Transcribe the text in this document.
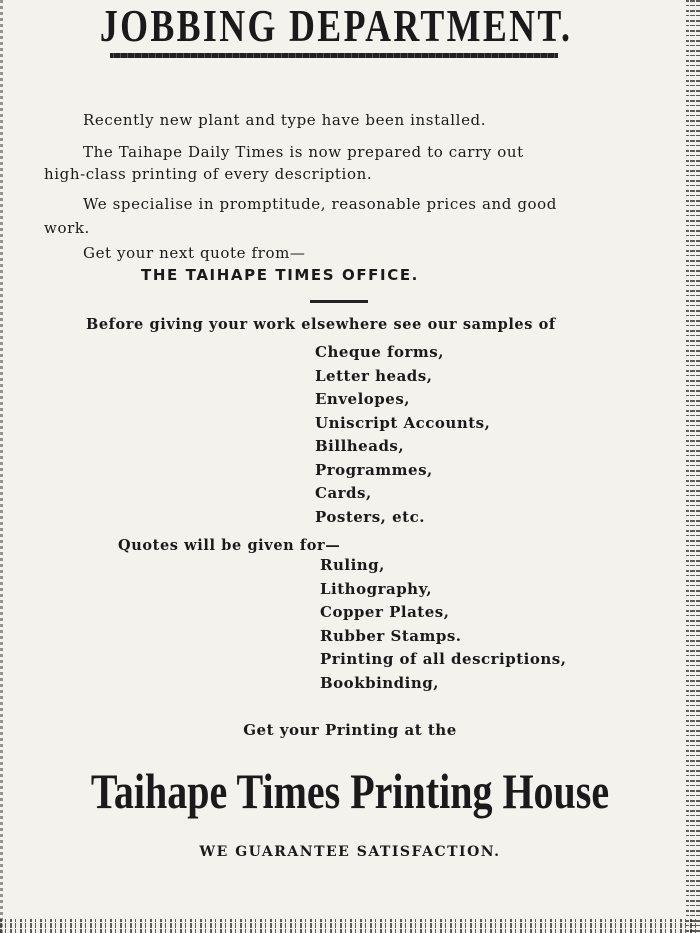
JOBBING DEPARTMENT.
Recently new plant and type have been installed.
The Taihape Daily Times is now prepared to carry out
high-class printing of every description.
We specialise in promptitude, reasonable prices and good
work.
Get your next quote from—
THE TAIHAPE TIMES OFFICE.
Before giving your work elsewhere see our samples of
Cheque forms,
Letter heads,
Envelopes,
Uniscript Accounts,
Billheads,
Programmes,
Cards,
Posters, etc.
Quotes will be given for—
Ruling,
Lithography,
Copper Plates,
Rubber Stamps.
Printing of all descriptions,
Bookbinding,
Get your Printing at the
Taihape Times Printing House
WE GUARANTEE SATISFACTION.
